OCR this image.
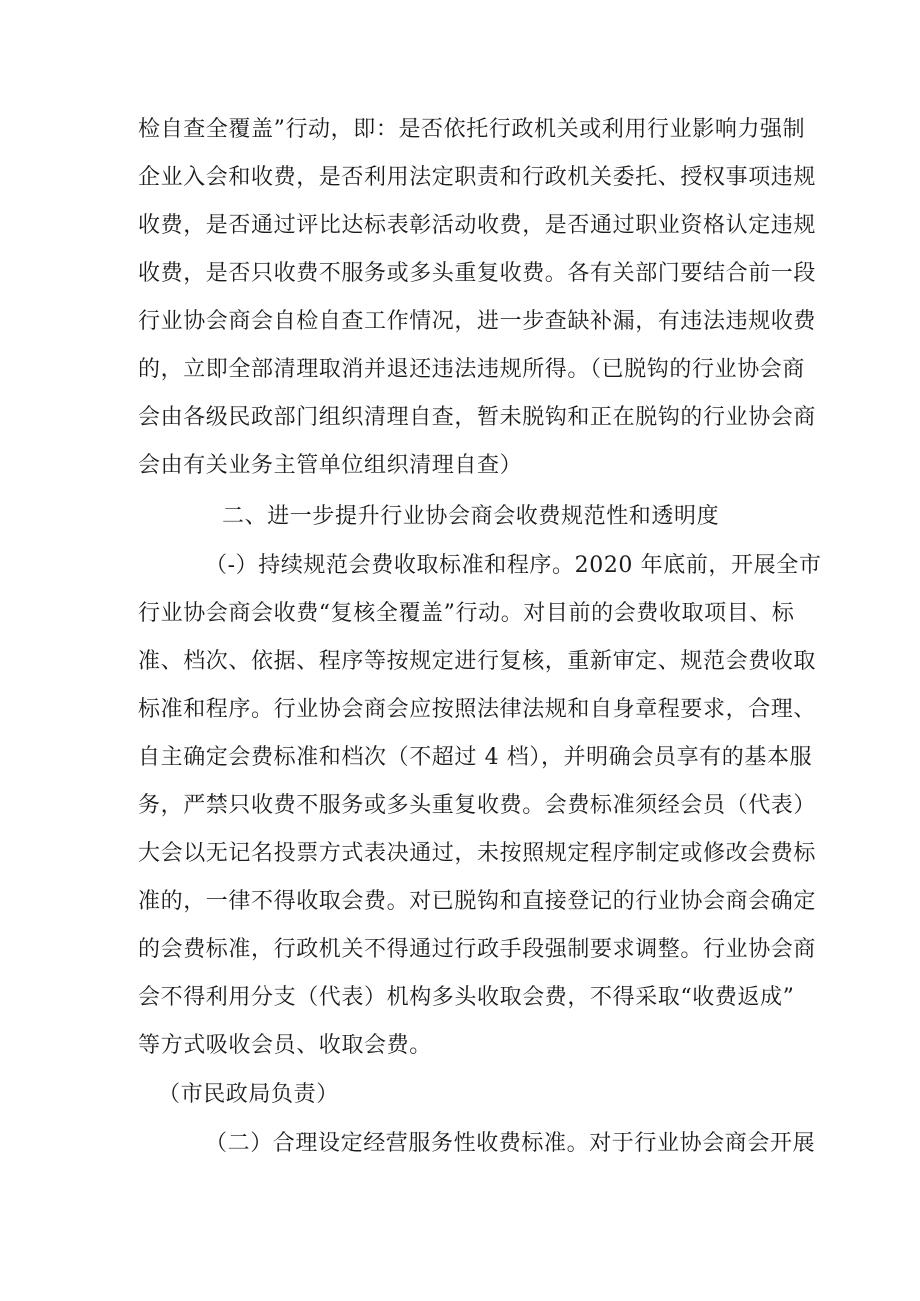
检自查全覆盖”行动，即：是否依托行政机关或利用行业影响力强制
企业入会和收费，是否利用法定职责和行政机关委托、授权事项违规
收费，是否通过评比达标表彰活动收费，是否通过职业资格认定违规
收费，是否只收费不服务或多头重复收费。各有关部门要结合前一段
行业协会商会自检自查工作情况，进一步查缺补漏，有违法违规收费
的，立即全部清理取消并退还违法违规所得。（已脱钩的行业协会商
会由各级民政部门组织清理自查，暂未脱钩和正在脱钩的行业协会商
会由有关业务主管单位组织清理自查）
二、进一步提升行业协会商会收费规范性和透明度
（-）持续规范会费收取标准和程序。2020 年底前，开展全市
行业协会商会收费“复核全覆盖”行动。对目前的会费收取项目、标
准、档次、依据、程序等按规定进行复核，重新审定、规范会费收取
标准和程序。行业协会商会应按照法律法规和自身章程要求，合理、
自主确定会费标准和档次（不超过 4 档），并明确会员享有的基本服
务，严禁只收费不服务或多头重复收费。会费标准须经会员（代表）
大会以无记名投票方式表决通过，未按照规定程序制定或修改会费标
准的，一律不得收取会费。对已脱钩和直接登记的行业协会商会确定
的会费标准，行政机关不得通过行政手段强制要求调整。行业协会商
会不得利用分支（代表）机构多头收取会费，不得采取“收费返成”
等方式吸收会员、收取会费。
（市民政局负责）
（二）合理设定经营服务性收费标准。对于行业协会商会开展
